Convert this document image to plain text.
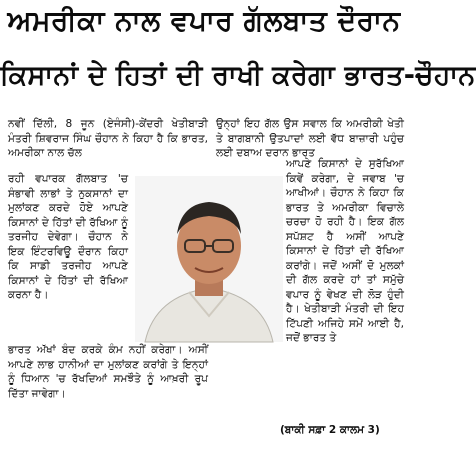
ਅਮਰੀਕਾ ਨਾਲ ਵਪਾਰ ਗੱਲਬਾਤ ਦੌਰਾਨ
ਕਿਸਾਨਾਂ ਦੇ ਹਿਤਾਂ ਦੀ ਰਾਖੀ ਕਰੇਗਾ ਭਾਰਤ-ਚੌਹਾਨ

ਨਵੀਂ ਦਿੱਲੀ, 8 ਜੂਨ (ਏਜੰਸੀ)-ਕੇਂਦਰੀ ਖੇਤੀਬਾੜੀ ਮੰਤਰੀ ਸ਼ਿਵਰਾਜ ਸਿੰਘ ਚੌਹਾਨ ਨੇ ਕਿਹਾ ਹੈ ਕਿ ਭਾਰਤ, ਅਮਰੀਕਾ ਨਾਲ ਚੱਲ

ਰਹੀ ਵਪਾਰਕ ਗੱਲਬਾਤ 'ਚ ਸੰਭਾਵੀ ਲਾਭਾਂ ਤੇ ਨੁਕਸਾਨਾਂ ਦਾ ਮੁਲਾਂਕਣ ਕਰਦੇ ਹੋਏ ਆਪਣੇ ਕਿਸਾਨਾਂ ਦੇ ਹਿੱਤਾਂ ਦੀ ਰੱਖਿਆ ਨੂੰ ਤਰਜੀਹ ਦੇਵੇਗਾ। ਚੌਹਾਨ ਨੇ ਇਕ ਇੰਟਰਵਿਊ ਦੌਰਾਨ ਕਿਹਾ ਕਿ ਸਾਡੀ ਤਰਜੀਹ ਆਪਣੇ ਕਿਸਾਨਾਂ ਦੇ ਹਿੱਤਾਂ ਦੀ ਰੱਖਿਆ ਕਰਨਾ ਹੈ।

ਭਾਰਤ ਅੱਖਾਂ ਬੰਦ ਕਰਕੇ ਕੰਮ ਨਹੀਂ ਕਰੇਗਾ। ਅਸੀਂ ਆਪਣੇ ਲਾਭ ਹਾਨੀਆਂ ਦਾ ਮੁਲਾਂਕਣ ਕਰਾਂਗੇ ਤੇ ਇਨ੍ਹਾਂ ਨੂੰ ਧਿਆਨ 'ਚ ਰੱਖਦਿਆਂ ਸਮਝੌਤੇ ਨੂੰ ਆਖ਼ਰੀ ਰੂਪ ਦਿੱਤਾ ਜਾਵੇਗਾ।

ਉਨ੍ਹਾਂ ਇਹ ਗੱਲ ਉਸ ਸਵਾਲ ਕਿ ਅਮਰੀਕੀ ਖੇਤੀ ਤੇ ਬਾਗਬਾਨੀ ਉਤਪਾਦਾਂ ਲਈ ਵੱਧ ਬਾਜ਼ਾਰੀ ਪਹੁੰਚ ਲਈ ਦਬਾਅ ਦਰਾਨ ਭਾਰਤ

ਆਪਣੇ ਕਿਸਾਨਾਂ ਦੇ ਸੁਰੱਖਿਆ ਕਿਵੇਂ ਕਰੇਗਾ, ਦੇ ਜਵਾਬ 'ਚ ਆਖੀਆਂ। ਚੌਹਾਨ ਨੇ ਕਿਹਾ ਕਿ ਭਾਰਤ ਤੇ ਅਮਰੀਕਾ ਵਿਚਾਲੇ ਚਰਚਾ ਹੋ ਰਹੀ ਹੈ। ਇਕ ਗੱਲ ਸਪੱਸ਼ਟ ਹੈ ਅਸੀਂ ਆਪਣੇ ਕਿਸਾਨਾਂ ਦੇ ਹਿੱਤਾਂ ਦੀ ਰੱਖਿਆ ਕਰਾਂਗੇ। ਜਦੋਂ ਅਸੀਂ ਦੋ ਮੁਲਕਾਂ ਦੀ ਗੱਲ ਕਰਦੇ ਹਾਂ ਤਾਂ ਸਮੁੱਚੇ ਵਪਾਰ ਨੂੰ ਵੇਖਣ ਦੀ ਲੋੜ ਹੁੰਦੀ ਹੈ। ਖੇਤੀਬਾੜੀ ਮੰਤਰੀ ਦੀ ਇਹ ਟਿੱਪਣੀ ਅਜਿਹੇ ਸਮੇਂ ਆਈ ਹੈ, ਜਦੋਂ ਭਾਰਤ ਤੇ

(ਬਾਕੀ ਸਫ਼ਾ 2 ਕਾਲਮ 3)
